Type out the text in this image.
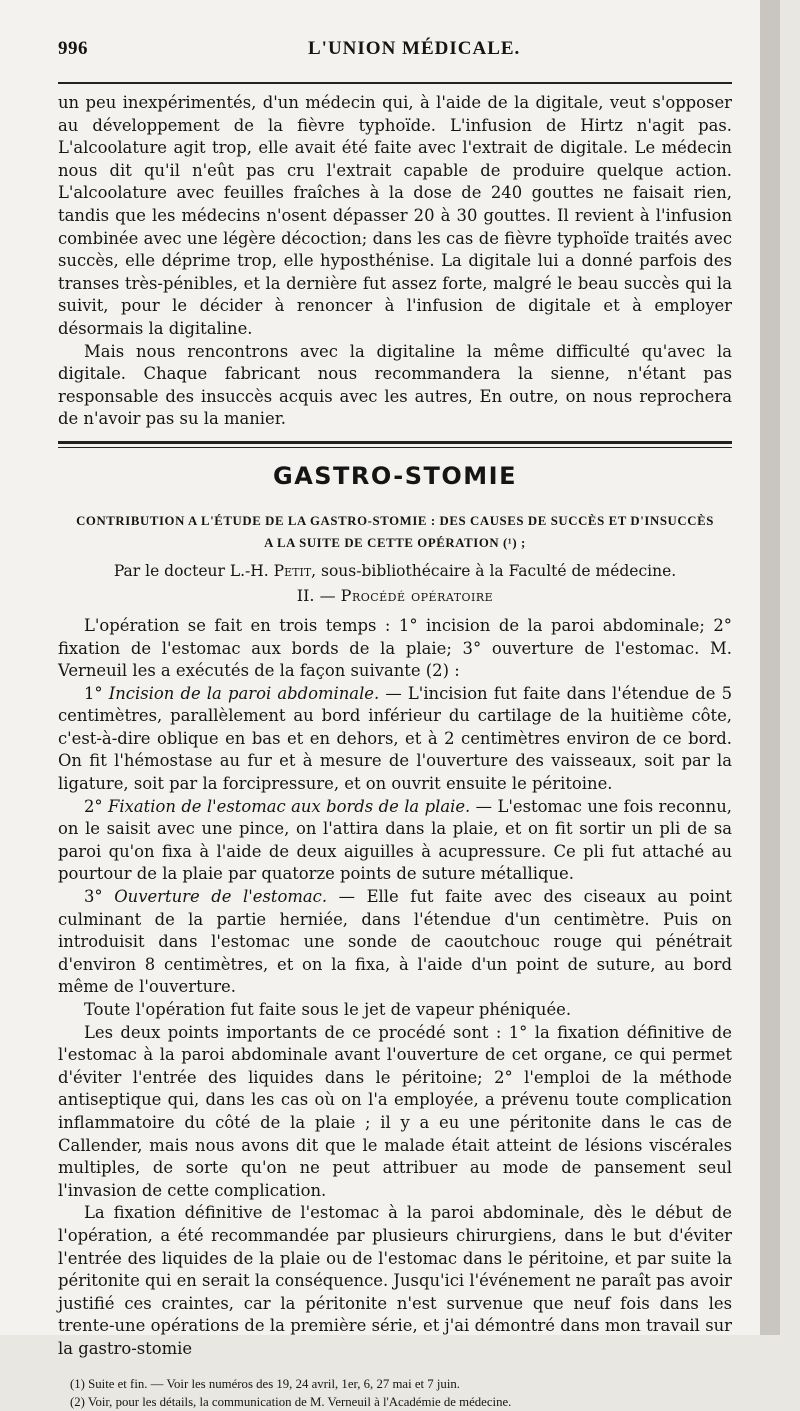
996	L'UNION MÉDICALE.

un peu inexpérimentés, d'un médecin qui, à l'aide de la digitale, veut s'opposer au développement de la fièvre typhoïde. L'infusion de Hirtz n'agit pas. L'alcoolature agit trop, elle avait été faite avec l'extrait de digitale. Le médecin nous dit qu'il n'eût pas cru l'extrait capable de produire quelque action. L'alcoolature avec feuilles fraîches à la dose de 240 gouttes ne faisait rien, tandis que les médecins n'osent dépasser 20 à 30 gouttes. Il revient à l'infusion combinée avec une légère décoction; dans les cas de fièvre typhoïde traités avec succès, elle déprime trop, elle hyposthénise. La digitale lui a donné parfois des transes très-pénibles, et la dernière fut assez forte, malgré le beau succès qui la suivit, pour le décider à renoncer à l'infusion de digitale et à employer désormais la digitaline.

Mais nous rencontrons avec la digitaline la même difficulté qu'avec la digitale. Chaque fabricant nous recommandera la sienne, n'étant pas responsable des insuccès acquis avec les autres, En outre, on nous reprochera de n'avoir pas su la manier.

GASTRO-STOMIE
CONTRIBUTION A L'ÉTUDE DE LA GASTRO-STOMIE : DES CAUSES DE SUCCÈS ET D'INSUCCÈS
A LA SUITE DE CETTE OPÉRATION (¹) ;
Par le docteur L.-H. Petit, sous-bibliothécaire à la Faculté de médecine.
II. — Procédé opératoire

L'opération se fait en trois temps : 1° incision de la paroi abdominale; 2° fixation de l'estomac aux bords de la plaie; 3° ouverture de l'estomac. M. Verneuil les a exécutés de la façon suivante (2) :

1° Incision de la paroi abdominale. — L'incision fut faite dans l'étendue de 5 centimètres, parallèlement au bord inférieur du cartilage de la huitième côte, c'est-à-dire oblique en bas et en dehors, et à 2 centimètres environ de ce bord. On fit l'hémostase au fur et à mesure de l'ouverture des vaisseaux, soit par la ligature, soit par la forcipressure, et on ouvrit ensuite le péritoine.

2° Fixation de l'estomac aux bords de la plaie. — L'estomac une fois reconnu, on le saisit avec une pince, on l'attira dans la plaie, et on fit sortir un pli de sa paroi qu'on fixa à l'aide de deux aiguilles à acupressure. Ce pli fut attaché au pourtour de la plaie par quatorze points de suture métallique.

3° Ouverture de l'estomac. — Elle fut faite avec des ciseaux au point culminant de la partie herniée, dans l'étendue d'un centimètre. Puis on introduisit dans l'estomac une sonde de caoutchouc rouge qui pénétrait d'environ 8 centimètres, et on la fixa, à l'aide d'un point de suture, au bord même de l'ouverture.

Toute l'opération fut faite sous le jet de vapeur phéniquée.

Les deux points importants de ce procédé sont : 1° la fixation définitive de l'estomac à la paroi abdominale avant l'ouverture de cet organe, ce qui permet d'éviter l'entrée des liquides dans le péritoine; 2° l'emploi de la méthode antiseptique qui, dans les cas où on l'a employée, a prévenu toute complication inflammatoire du côté de la plaie ; il y a eu une péritonite dans le cas de Callender, mais nous avons dit que le malade était atteint de lésions viscérales multiples, de sorte qu'on ne peut attribuer au mode de pansement seul l'invasion de cette complication.

La fixation définitive de l'estomac à la paroi abdominale, dès le début de l'opération, a été recommandée par plusieurs chirurgiens, dans le but d'éviter l'entrée des liquides de la plaie ou de l'estomac dans le péritoine, et par suite la péritonite qui en serait la conséquence. Jusqu'ici l'événement ne paraît pas avoir justifié ces craintes, car la péritonite n'est survenue que neuf fois dans les trente-une opérations de la première série, et j'ai démontré dans mon travail sur la gastro-stomie

(1) Suite et fin. — Voir les numéros des 19, 24 avril, 1er, 6, 27 mai et 7 juin.
(2) Voir, pour les détails, la communication de M. Verneuil à l'Académie de médecine.
